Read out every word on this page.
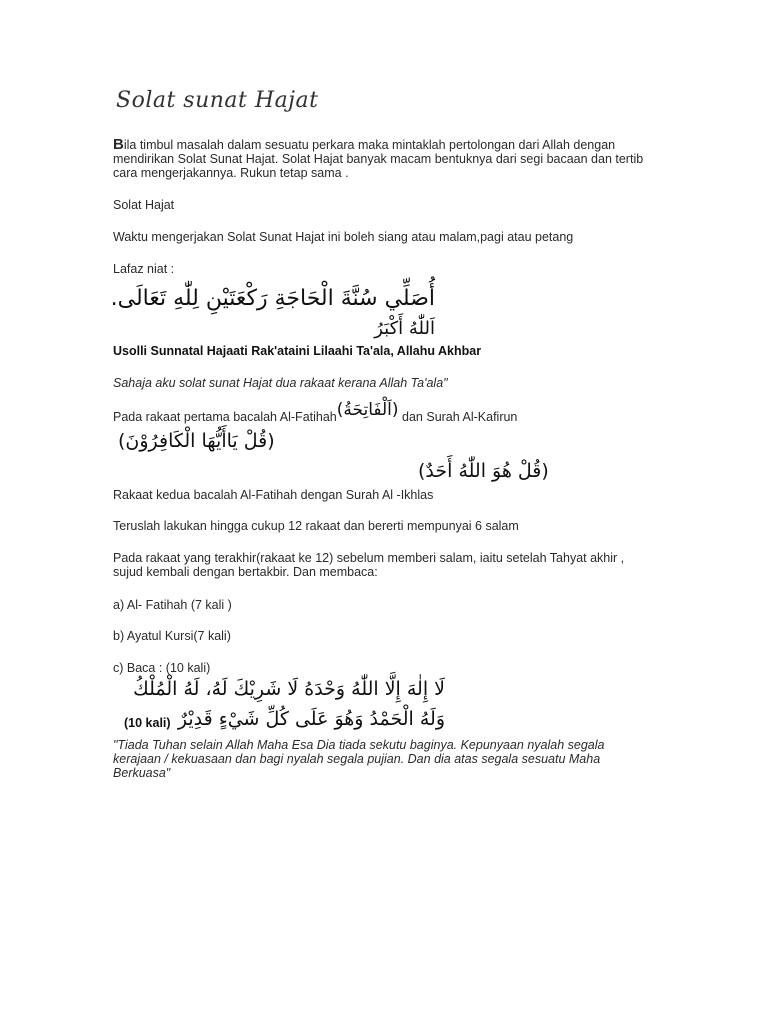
Solat sunat Hajat
Bila timbul masalah dalam sesuatu perkara maka mintaklah pertolongan dari Allah dengan
mendirikan Solat Sunat Hajat. Solat Hajat banyak macam bentuknya dari segi bacaan dan tertib
cara mengerjakannya. Rukun tetap sama .
Solat Hajat
Waktu mengerjakan Solat Sunat Hajat ini boleh siang atau malam,pagi atau petang
Lafaz niat :
أُصَلِّي سُنَّةَ الْحَاجَةِ رَكْعَتَيْنِ لِلّٰهِ تَعَالَى.
اَللّٰهُ أَكْبَرُ
Usolli Sunnatal Hajaati Rak'ataini Lilaahi Ta'ala, Allahu Akhbar
Sahaja aku solat sunat Hajat dua rakaat kerana Allah Ta'ala"
Pada rakaat pertama bacalah Al-Fatihah(اَلْفَاتِحَةُ) dan Surah Al-Kafirun
(قُلْ يَاأَيُّهَا الْكَافِرُوْنَ)
(قُلْ هُوَ اللّٰهُ أَحَدٌ)
Rakaat kedua bacalah Al-Fatihah dengan Surah Al -Ikhlas
Teruslah lakukan hingga cukup 12 rakaat dan bererti mempunyai 6 salam
Pada rakaat yang terakhir(rakaat ke 12) sebelum memberi salam, iaitu setelah Tahyat akhir ,
sujud kembali dengan bertakbir. Dan membaca:
a) Al- Fatihah (7 kali )
b) Ayatul Kursi(7 kali)
c) Baca : (10 kali)
لَا إِلٰهَ إِلَّا اللّٰهُ وَحْدَهُ لَا شَرِيْكَ لَهُ، لَهُ الْمُلْكُ
(10 kali) وَلَهُ الْحَمْدُ وَهُوَ عَلَى كُلِّ شَيْءٍ قَدِيْرٌ
"Tiada Tuhan selain Allah Maha Esa Dia tiada sekutu baginya. Kepunyaan nyalah segala
kerajaan / kekuasaan dan bagi nyalah segala pujian. Dan dia atas segala sesuatu Maha
Berkuasa"
